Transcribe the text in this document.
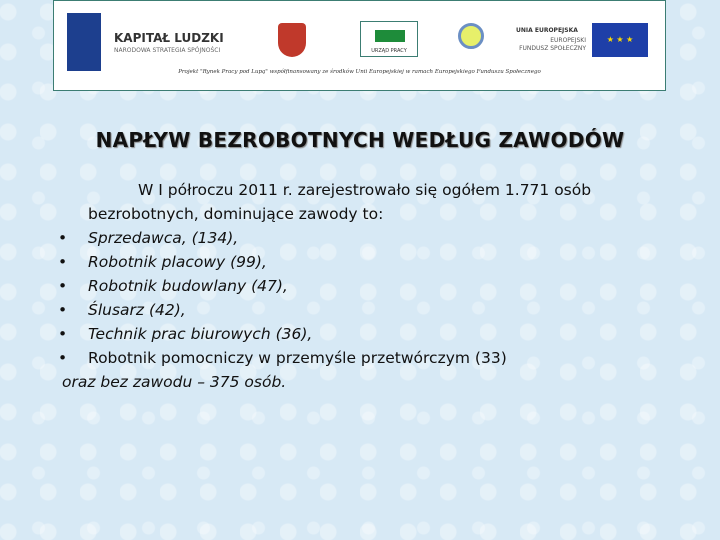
KAPITAŁ LUDZKI
NARODOWA STRATEGIA SPÓJNOŚCI	URZĄD PRACY
UNIA EUROPEJSKA
EUROPEJSKI
FUNDUSZ SPOŁECZNY
★ ★ ★
Projekt "Rynek Pracy pod Lupą" współfinansowany ze środków Unii Europejskiej w ramach Europejskiego Funduszu Społecznego
NAPŁYW BEZROBOTNYCH WEDŁUG ZAWODÓW
W I półroczu 2011 r. zarejestrowało się ogółem 1.771 osób bezrobotnych, dominujące zawody to:
• Sprzedawca, (134),
• Robotnik placowy (99),
• Robotnik budowlany (47),
• Ślusarz (42),
• Technik prac biurowych (36),
• Robotnik pomocniczy w przemyśle przetwórczym (33)
oraz bez zawodu – 375 osób.
